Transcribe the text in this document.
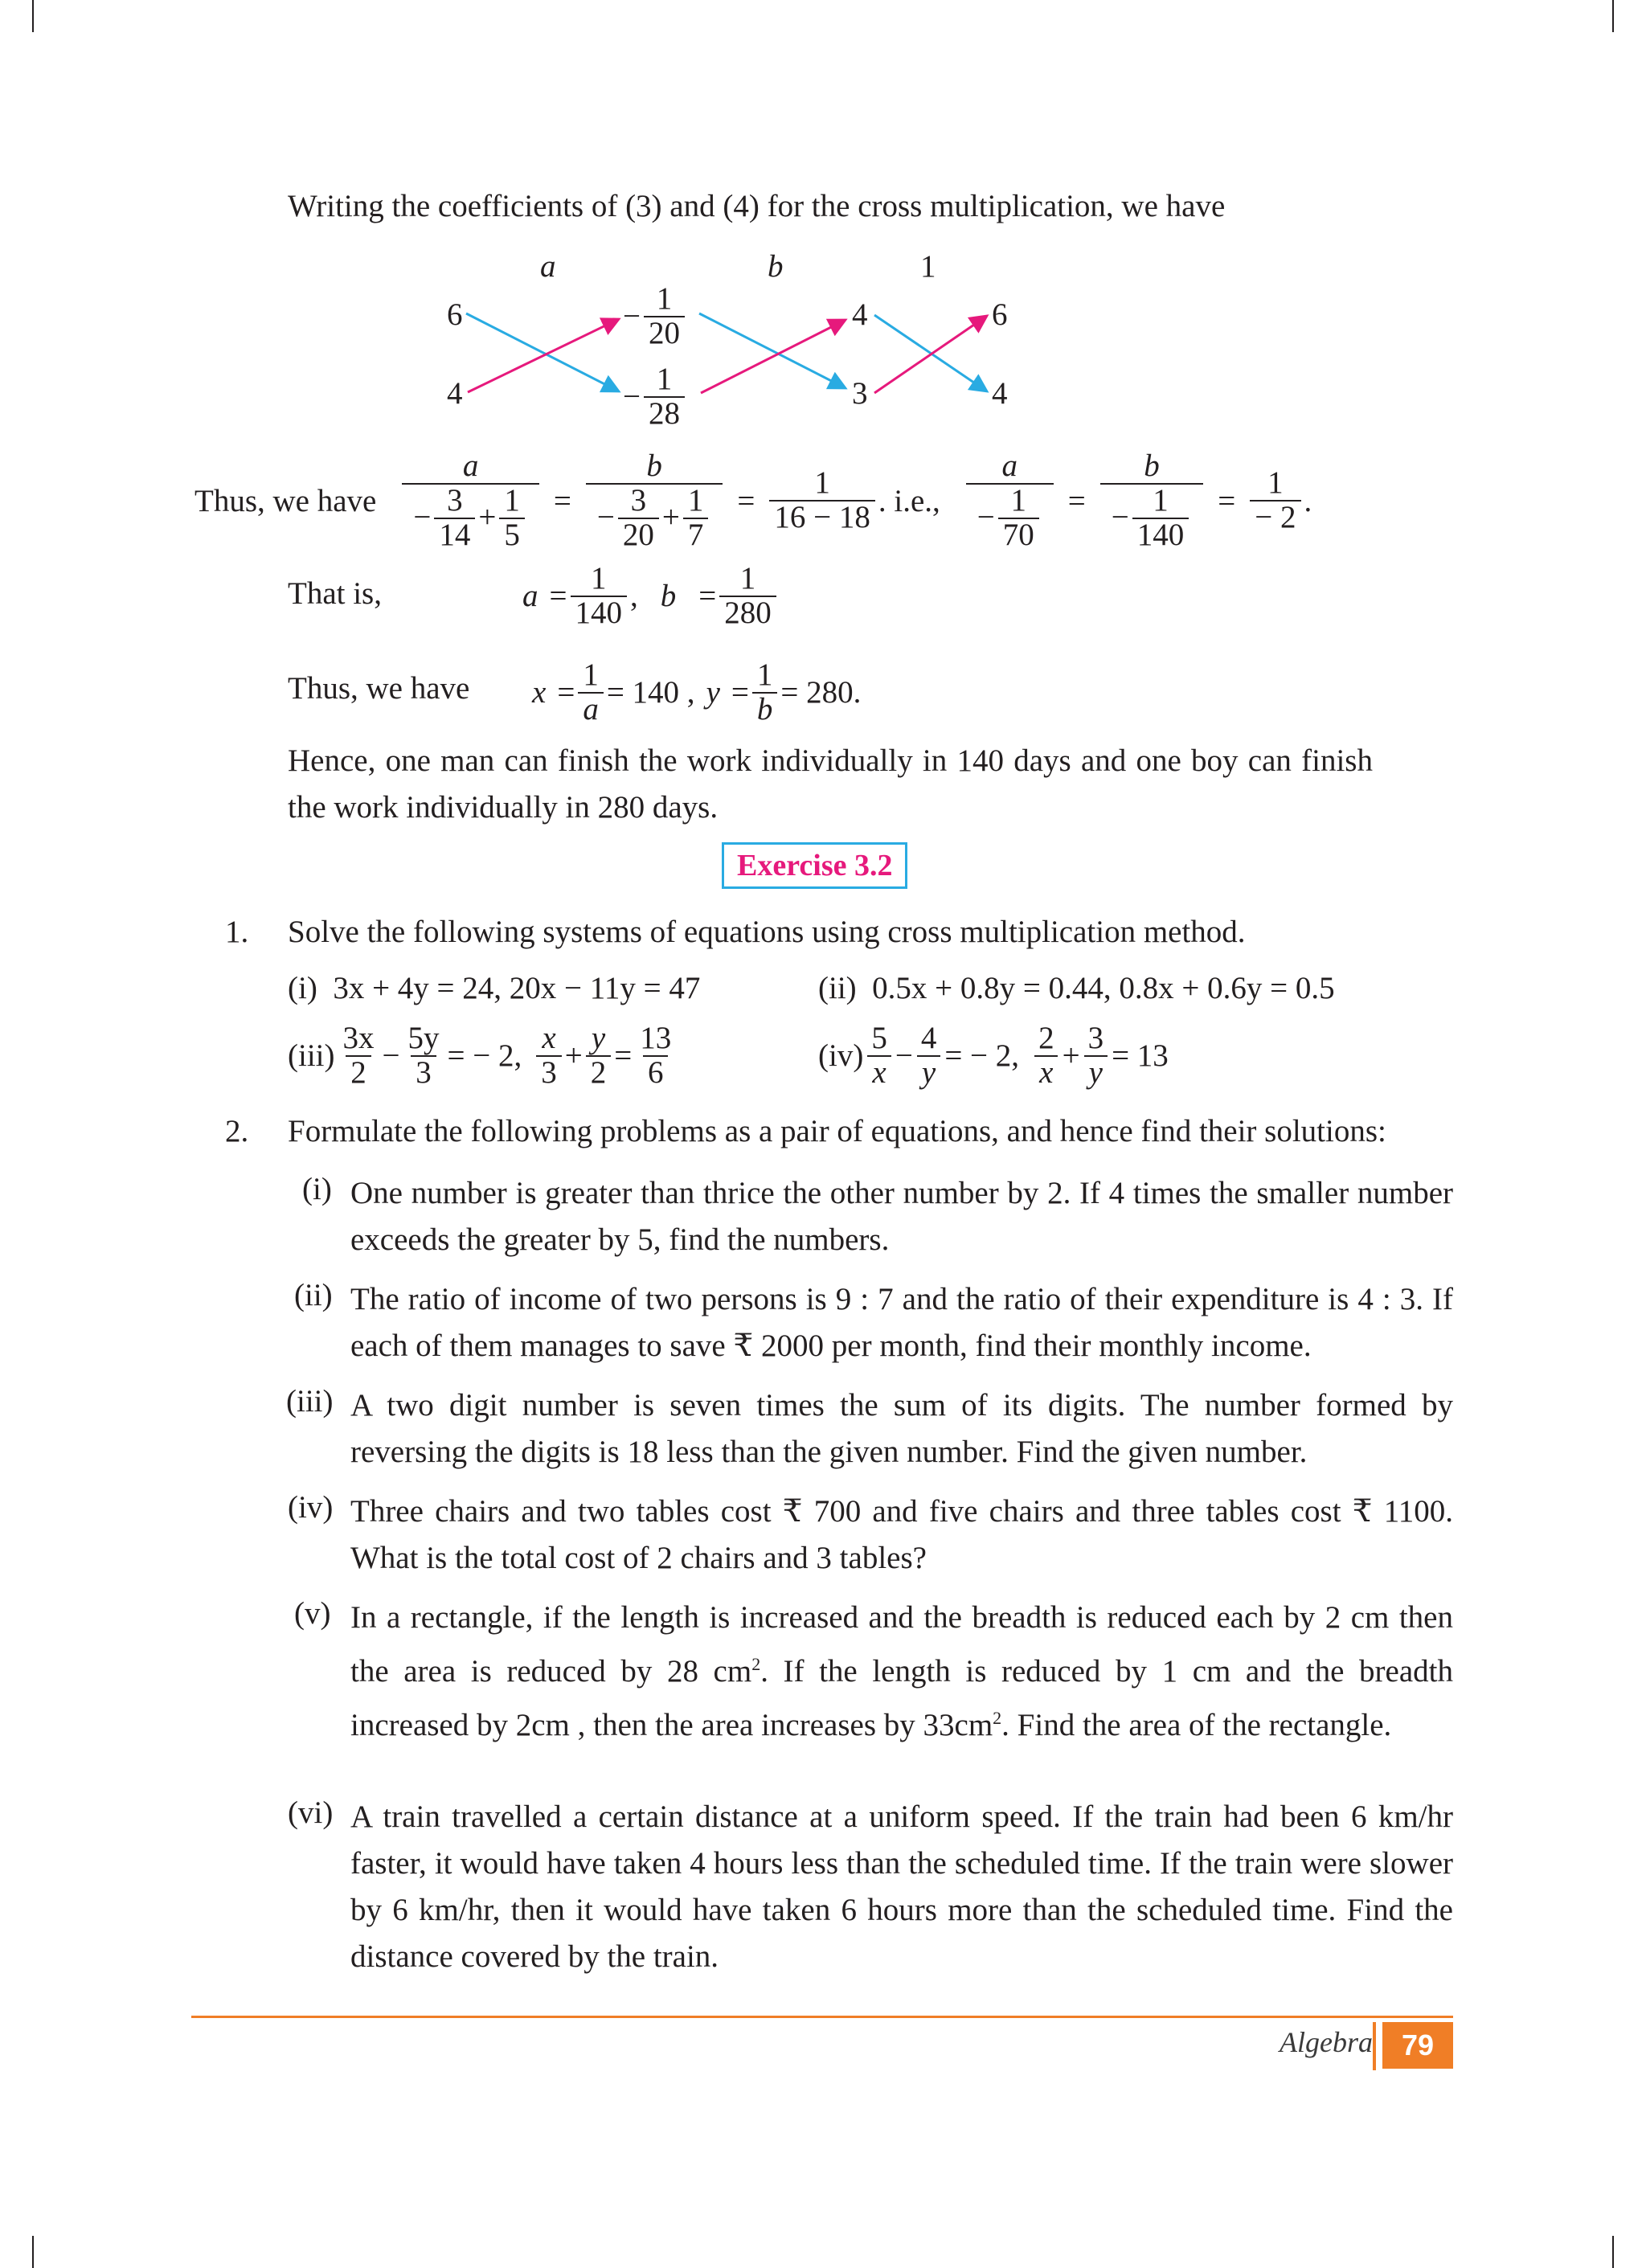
Writing the coefficients of (3) and (4) for the cross multiplication, we have
a	b	1
6
4
− $\frac{1}{20}$
− $\frac{1}{28}$
4
3
6
4
Thus, we have
a
− $\frac{3}{14} + \frac{1}{5}$ =
b
− $\frac{3}{20} + \frac{1}{7}$ =
1
16 − 18 . i.e.,
a
− $\frac{1}{70}$ =
b
− $\frac{1}{140}$ =
1
− 2 .
That is,	$a = \frac{1}{140}$ , $b = \frac{1}{280}$
Thus, we have $x = \frac{1}{a} = 140$ , $y = \frac{1}{b} = 280$.
Hence, one man can finish the work individually in 140 days and one boy can finish the work individually in 280 days.
Exercise 3.2
1. Solve the following systems of equations using cross multiplication method.
(i) 3x + 4y = 24, 20x − 11y = 47	(ii) 0.5x + 0.8y = 0.44, 0.8x + 0.6y = 0.5
(iii)
3x
$2 - \frac{5y}{3}$ = − 2,
x
$3 + \frac{y}{2} = \frac{13}{6}$	(iv)
5
$x - \frac{4}{y}$ = − 2,
2
$x + \frac{3}{y} = 13$
2. Formulate the following problems as a pair of equations, and hence find their solutions:
(i) One number is greater than thrice the other number by 2. If 4 times the smaller number exceeds the greater by 5, find the numbers.
(ii) The ratio of income of two persons is 9 : 7 and the ratio of their expenditure is 4 : 3. If each of them manages to save ₹ 2000 per month, find their monthly income.
(iii) A two digit number is seven times the sum of its digits. The number formed by reversing the digits is 18 less than the given number. Find the given number.
(iv) Three chairs and two tables cost ₹ 700 and five chairs and three tables cost ₹ 1100. What is the total cost of 2 chairs and 3 tables?
(v) In a rectangle, if the length is increased and the breadth is reduced each by 2 cm then the area is reduced by 28 $cm^2$. If the length is reduced by 1 cm and the breadth increased by 2cm , then the area increases by $33cm^2$. Find the area of the rectangle.
(vi) A train travelled a certain distance at a uniform speed. If the train had been 6 km/hr faster, it would have taken 4 hours less than the scheduled time. If the train were slower by 6 km/hr, then it would have taken 6 hours more than the scheduled time. Find the distance covered by the train.
Algebra 79
